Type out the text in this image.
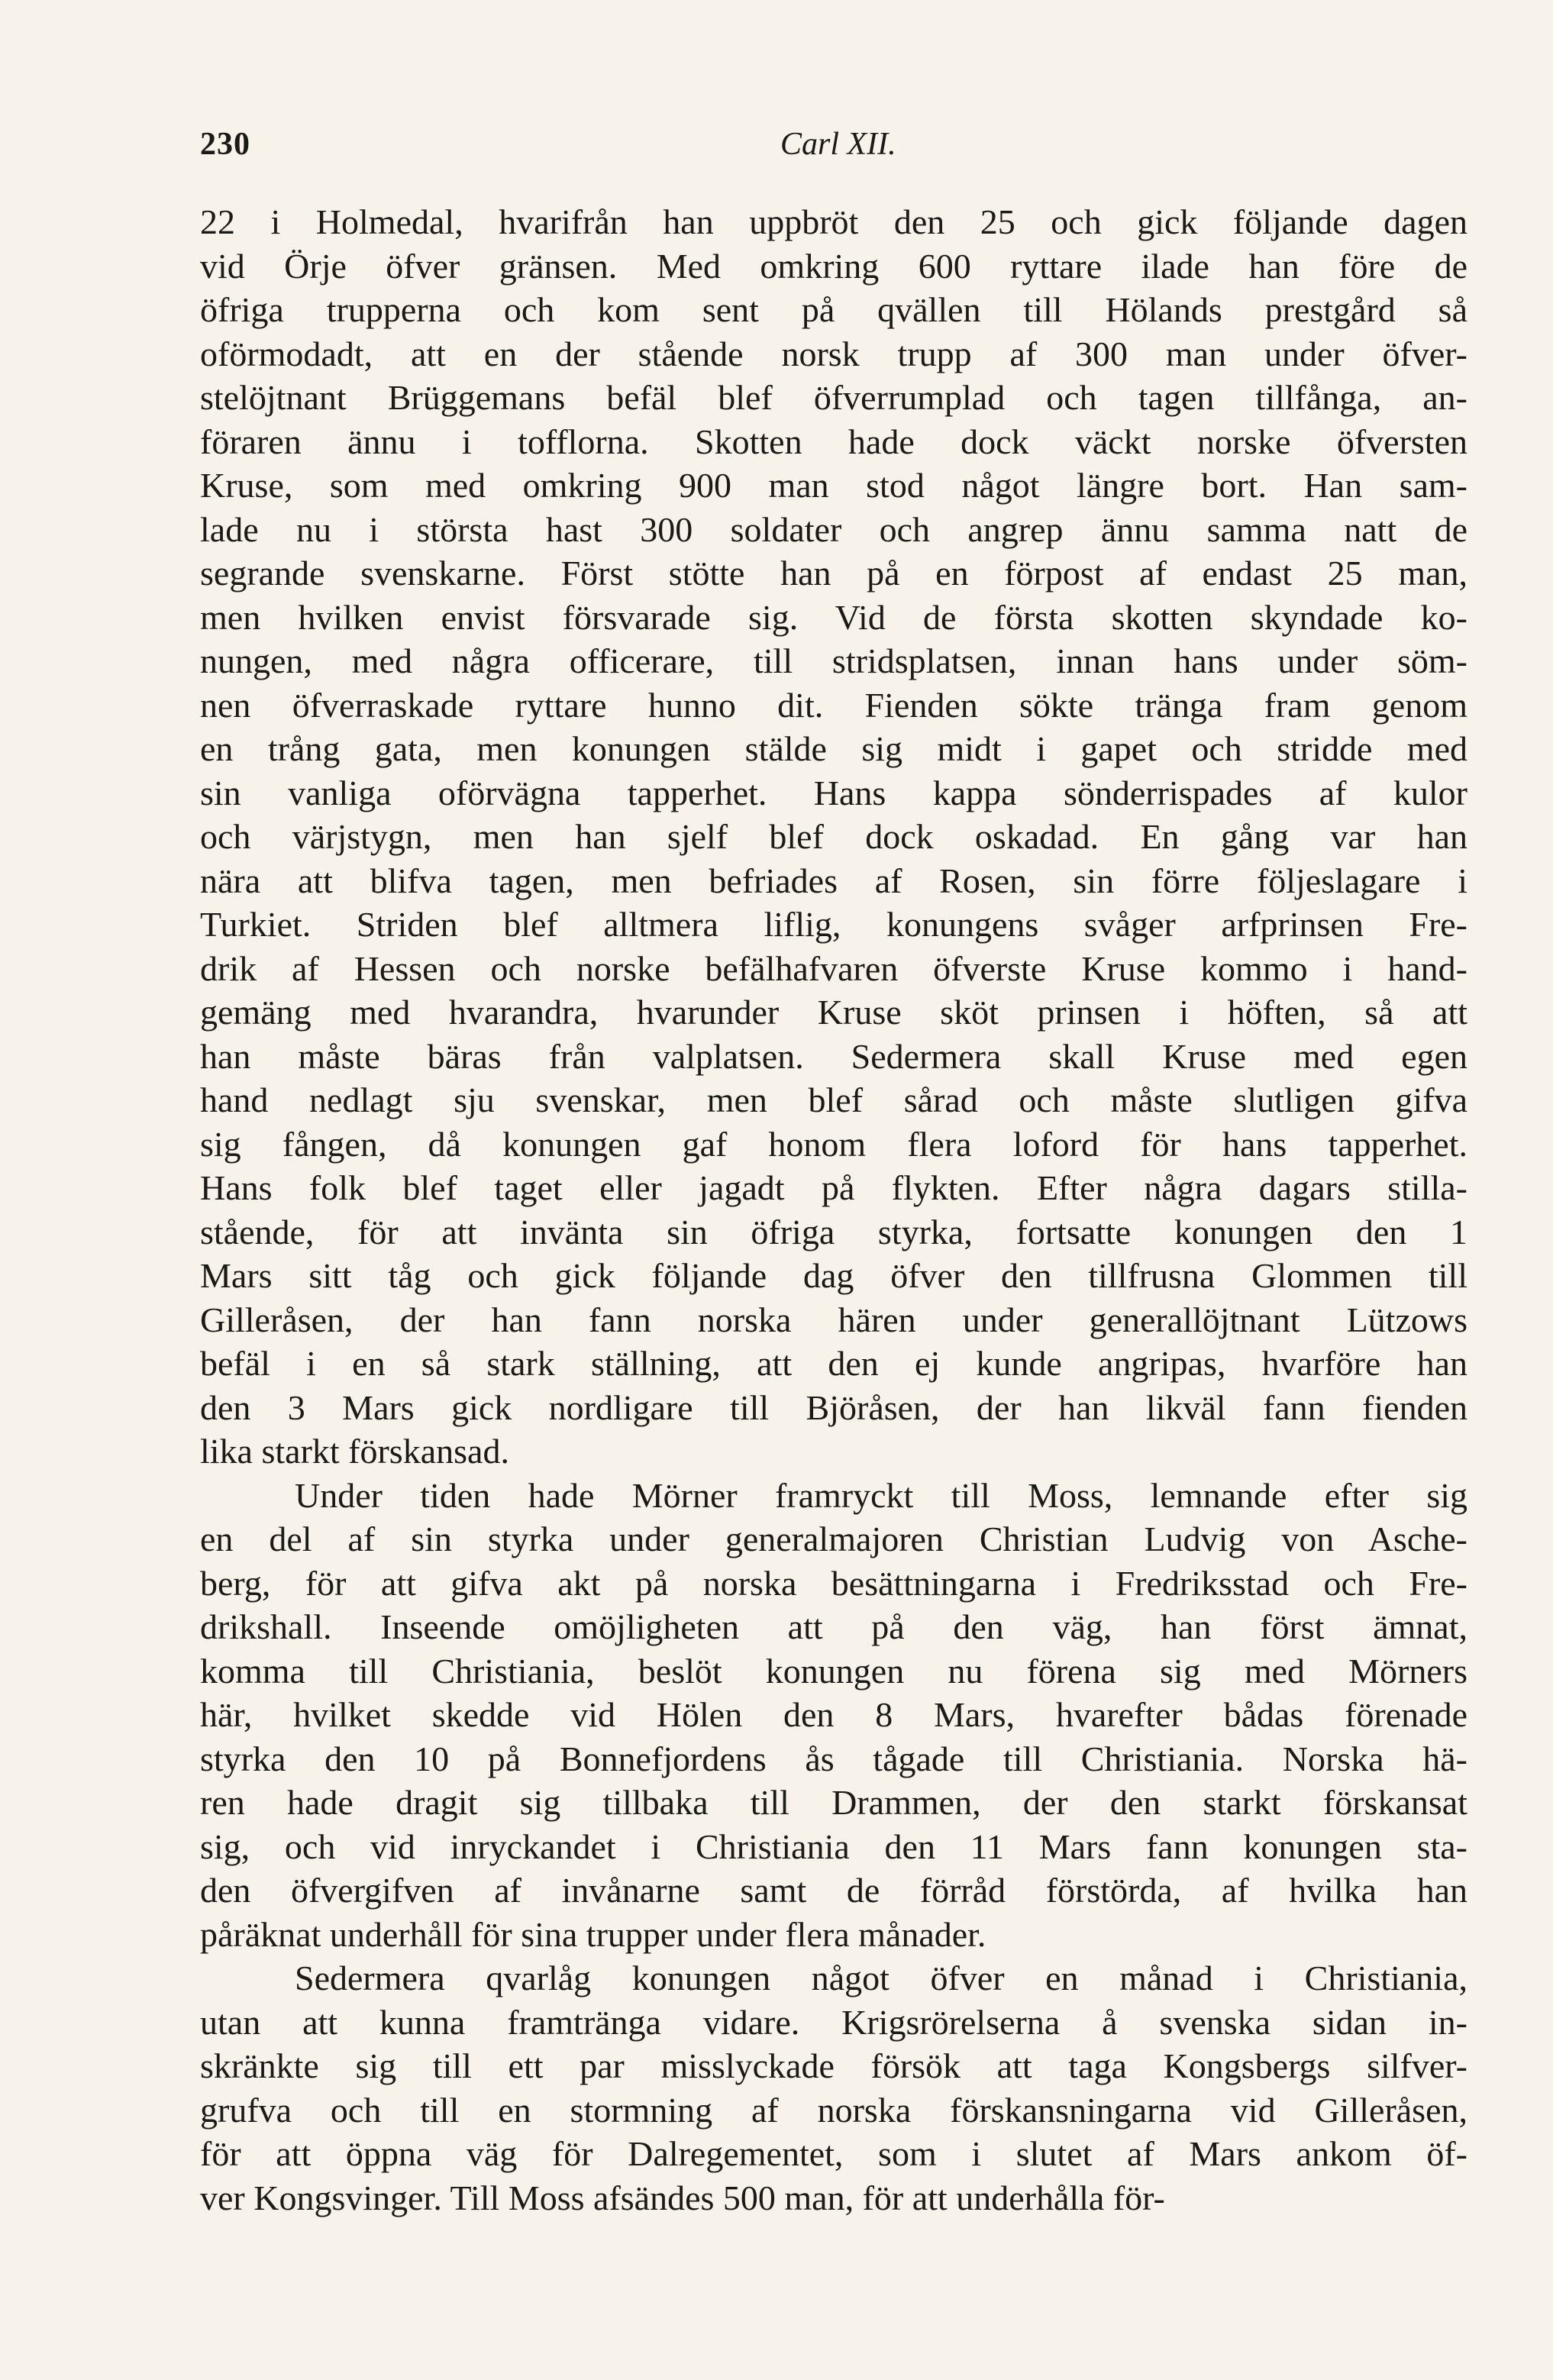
230	Carl XII.
22 i Holmedal, hvarifrån han uppbröt den 25 och gick följande dagen
vid Örje öfver gränsen. Med omkring 600 ryttare ilade han före de
öfriga trupperna och kom sent på qvällen till Hölands prestgård så
oförmodadt, att en der stående norsk trupp af 300 man under öfver-
stelöjtnant Brüggemans befäl blef öfverrumplad och tagen tillfånga, an-
föraren ännu i tofflorna. Skotten hade dock väckt norske öfversten
Kruse, som med omkring 900 man stod något längre bort. Han sam-
lade nu i största hast 300 soldater och angrep ännu samma natt de
segrande svenskarne. Först stötte han på en förpost af endast 25 man,
men hvilken envist försvarade sig. Vid de första skotten skyndade ko-
nungen, med några officerare, till stridsplatsen, innan hans under söm-
nen öfverraskade ryttare hunno dit. Fienden sökte tränga fram genom
en trång gata, men konungen stälde sig midt i gapet och stridde med
sin vanliga oförvägna tapperhet. Hans kappa sönderrispades af kulor
och värjstygn, men han sjelf blef dock oskadad. En gång var han
nära att blifva tagen, men befriades af Rosen, sin förre följeslagare i
Turkiet. Striden blef alltmera liflig, konungens svåger arfprinsen Fre-
drik af Hessen och norske befälhafvaren öfverste Kruse kommo i hand-
gemäng med hvarandra, hvarunder Kruse sköt prinsen i höften, så att
han måste bäras från valplatsen. Sedermera skall Kruse med egen
hand nedlagt sju svenskar, men blef sårad och måste slutligen gifva
sig fången, då konungen gaf honom flera loford för hans tapperhet.
Hans folk blef taget eller jagadt på flykten. Efter några dagars stilla-
stående, för att invänta sin öfriga styrka, fortsatte konungen den 1
Mars sitt tåg och gick följande dag öfver den tillfrusna Glommen till
Gilleråsen, der han fann norska hären under generallöjtnant Lützows
befäl i en så stark ställning, att den ej kunde angripas, hvarföre han
den 3 Mars gick nordligare till Björåsen, der han likväl fann fienden
lika starkt förskansad.
Under tiden hade Mörner framryckt till Moss, lemnande efter sig
en del af sin styrka under generalmajoren Christian Ludvig von Asche-
berg, för att gifva akt på norska besättningarna i Fredriksstad och Fre-
drikshall. Inseende omöjligheten att på den väg, han först ämnat,
komma till Christiania, beslöt konungen nu förena sig med Mörners
här, hvilket skedde vid Hölen den 8 Mars, hvarefter bådas förenade
styrka den 10 på Bonnefjordens ås tågade till Christiania. Norska hä-
ren hade dragit sig tillbaka till Drammen, der den starkt förskansat
sig, och vid inryckandet i Christiania den 11 Mars fann konungen sta-
den öfvergifven af invånarne samt de förråd förstörda, af hvilka han
påräknat underhåll för sina trupper under flera månader.
Sedermera qvarlåg konungen något öfver en månad i Christiania,
utan att kunna framtränga vidare. Krigsrörelserna å svenska sidan in-
skränkte sig till ett par misslyckade försök att taga Kongsbergs silfver-
grufva och till en stormning af norska förskansningarna vid Gilleråsen,
för att öppna väg för Dalregementet, som i slutet af Mars ankom öf-
ver Kongsvinger. Till Moss afsändes 500 man, för att underhålla för-
